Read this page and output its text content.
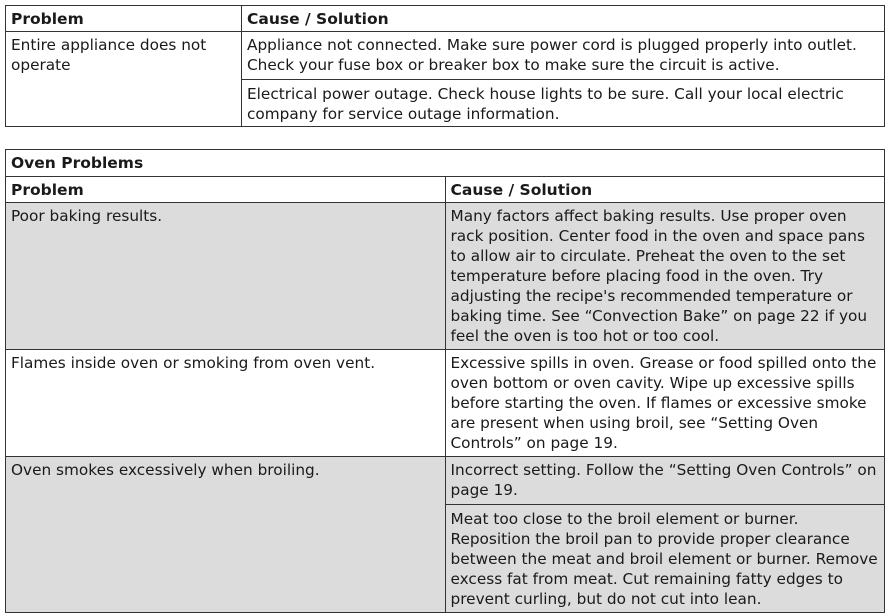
Problem	Cause / Solution
Entire appliance does not operate	Appliance not connected. Make sure power cord is plugged properly into outlet. Check your fuse box or breaker box to make sure the circuit is active.
Electrical power outage. Check house lights to be sure. Call your local electric company for service outage information.
Oven Problems	
Problem	Cause / Solution
Poor baking results.	Many factors affect baking results. Use proper oven rack position. Center food in the oven and space pans to allow air to circulate. Preheat the oven to the set temperature before placing food in the oven. Try adjusting the recipe's recommended temperature or baking time. See “Convection Bake” on page 22 if you feel the oven is too hot or too cool.
Flames inside oven or smoking from oven vent.	Excessive spills in oven. Grease or food spilled onto the oven bottom or oven cavity. Wipe up excessive spills before starting the oven. If flames or excessive smoke are present when using broil, see “Setting Oven Controls” on page 19.
Oven smokes excessively when broiling.	Incorrect setting. Follow the “Setting Oven Controls” on page 19.
Meat too close to the broil element or burner. Reposition the broil pan to provide proper clearance between the meat and broil element or burner. Remove excess fat from meat. Cut remaining fatty edges to prevent curling, but do not cut into lean.
